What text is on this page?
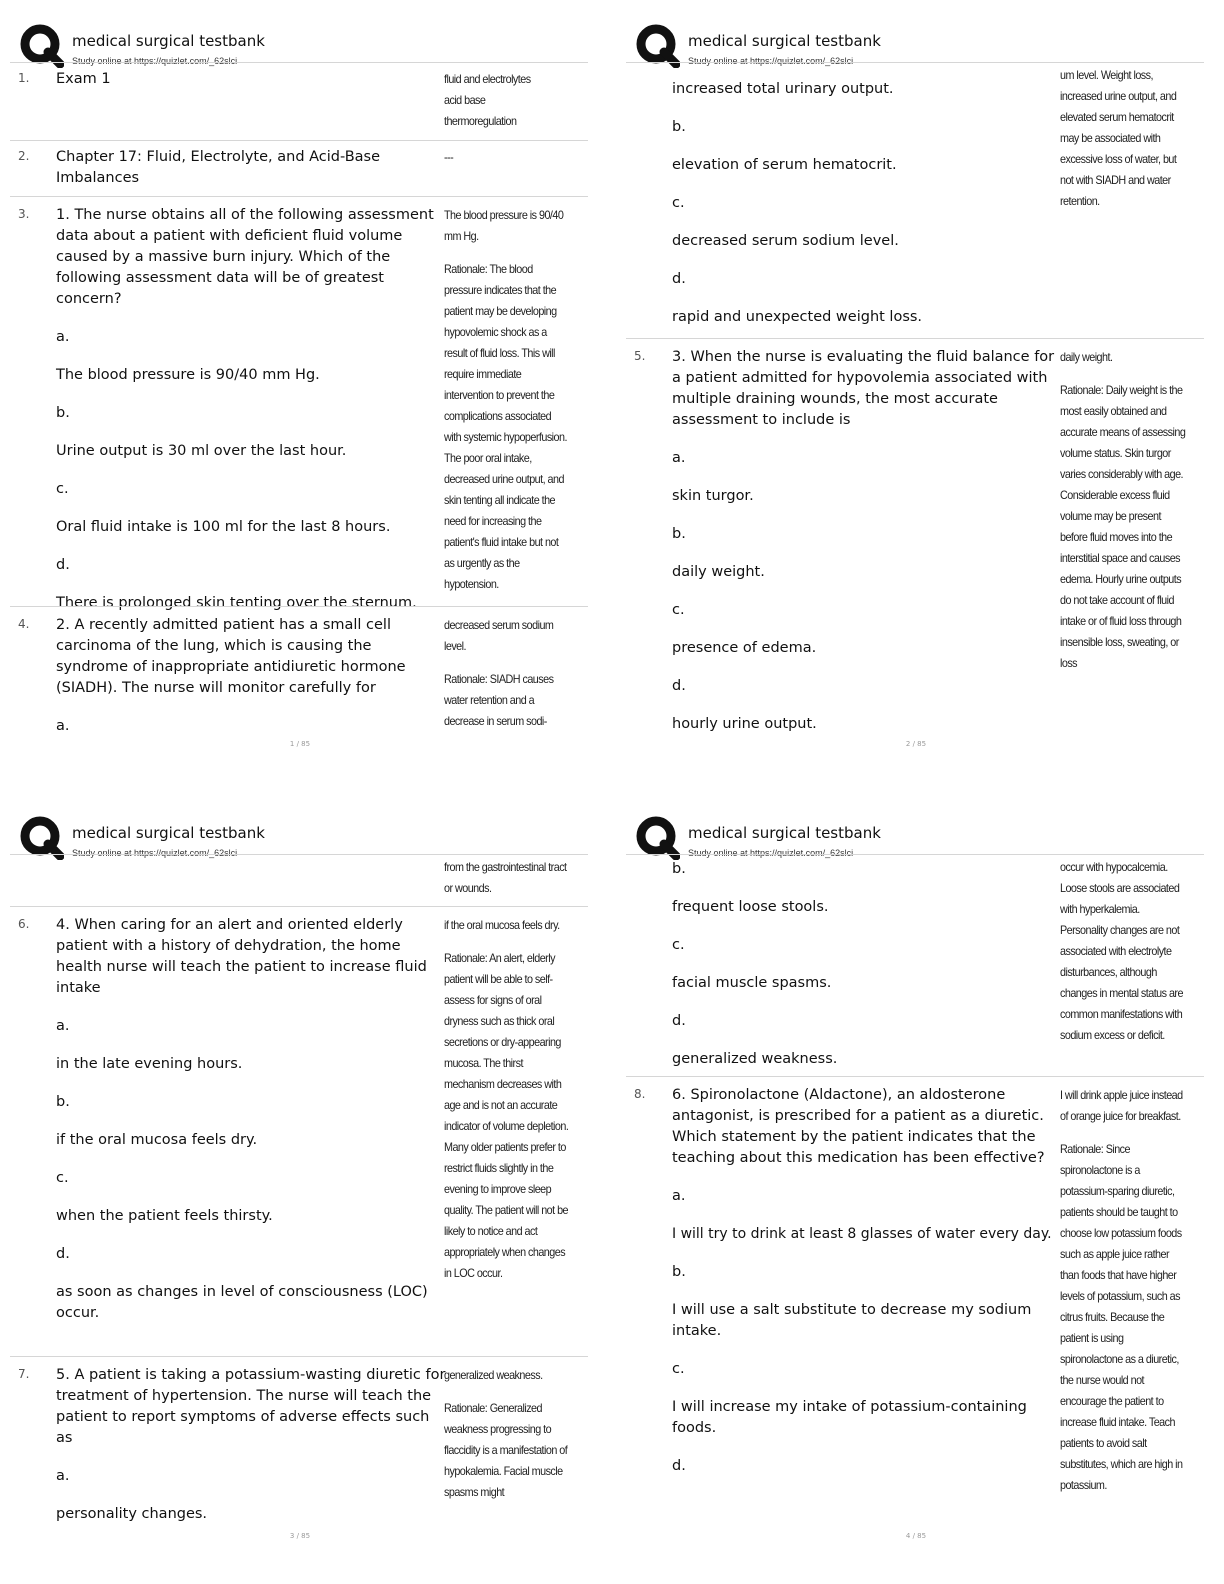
medical surgical testbank
Study online at https://quizlet.com/_62slci
1. Exam 1	fluid and electrolytes
acid base
thermoregulation
2. Chapter 17: Fluid, Electrolyte, and Acid-Base Imbalances
---
3. 1. The nurse obtains all of the following assessment data about a patient with deficient fluid volume caused by a massive burn injury. Which of the following assessment data will be of greatest concern?
a.
The blood pressure is 90/40 mm Hg.
b.
Urine output is 30 ml over the last hour.
c.
Oral fluid intake is 100 ml for the last 8 hours.
d.
There is prolonged skin tenting over the sternum.

The blood pressure is 90/40 mm Hg.

Rationale: The blood pressure indicates that the patient may be developing hypovolemic shock as a result of fluid loss. This will require immediate intervention to prevent the complications associated with systemic hypoperfusion. The poor oral intake, decreased urine output, and skin tenting all indicate the need for increasing the patient's fluid intake but not as urgently as the hypotension.

4. 2. A recently admitted patient has a small cell carcinoma of the lung, which is causing the syndrome of inappropriate antidiuretic hormone (SIADH). The nurse will monitor carefully for
a.

decreased serum sodium level.

Rationale: SIADH causes water retention and a decrease in serum sodi-

1 / 85
medical surgical testbank
Study online at https://quizlet.com/_62slci
increased total urinary output.
b.
elevation of serum hematocrit.
c.
decreased serum sodium level.
d.
rapid and unexpected weight loss.
um level. Weight loss, increased urine output, and elevated serum hematocrit may be associated with excessive loss of water, but not with SIADH and water retention.
5. 3. When the nurse is evaluating the fluid balance for a patient admitted for hypovolemia associated with multiple draining wounds, the most accurate assessment to include is
a.
skin turgor.
b.
daily weight.
c.
presence of edema.
d.
hourly urine output.

daily weight.

Rationale: Daily weight is the most easily obtained and accurate means of assessing volume status. Skin turgor varies considerably with age. Considerable excess fluid volume may be present before fluid moves into the interstitial space and causes edema. Hourly urine outputs do not take account of fluid intake or of fluid loss through insensible loss, sweating, or loss

2 / 85
medical surgical testbank
Study online at https://quizlet.com/_62slci
from the gastrointestinal tract or wounds.
6. 4. When caring for an alert and oriented elderly patient with a history of dehydration, the home health nurse will teach the patient to increase fluid intake
a.
in the late evening hours.
b.
if the oral mucosa feels dry.
c.
when the patient feels thirsty.
d.
as soon as changes in level of consciousness (LOC) occur.

if the oral mucosa feels dry.

Rationale: An alert, elderly patient will be able to self-assess for signs of oral dryness such as thick oral secretions or dry-appearing mucosa. The thirst mechanism decreases with age and is not an accurate indicator of volume depletion. Many older patients prefer to restrict fluids slightly in the evening to improve sleep quality. The patient will not be likely to notice and act appropriately when changes in LOC occur.

7. 5. A patient is taking a potassium-wasting diuretic for treatment of hypertension. The nurse will teach the patient to report symptoms of adverse effects such as
a.
personality changes.

generalized weakness.

Rationale: Generalized weakness progressing to flaccidity is a manifestation of hypokalemia. Facial muscle spasms might

3 / 85
medical surgical testbank
Study online at https://quizlet.com/_62slci
b.
frequent loose stools.
c.
facial muscle spasms.
d.
generalized weakness.
occur with hypocalcemia. Loose stools are associated with hyperkalemia. Personality changes are not associated with electrolyte disturbances, although changes in mental status are common manifestations with sodium excess or deficit.
8. 6. Spironolactone (Aldactone), an aldosterone antagonist, is prescribed for a patient as a diuretic. Which statement by the patient indicates that the teaching about this medication has been effective?
a.
I will try to drink at least 8 glasses of water every day.
b.
I will use a salt substitute to decrease my sodium intake.
c.
I will increase my intake of potassium-containing foods.
d.

I will drink apple juice instead of orange juice for breakfast.

Rationale: Since spironolactone is a potassium-sparing diuretic, patients should be taught to choose low potassium foods such as apple juice rather than foods that have higher levels of potassium, such as citrus fruits. Because the patient is using spironolactone as a diuretic, the nurse would not encourage the patient to increase fluid intake. Teach patients to avoid salt substitutes, which are high in potassium.

4 / 85
